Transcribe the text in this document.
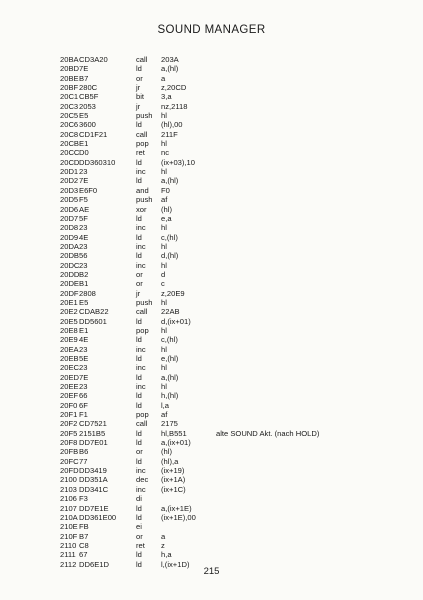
SOUND MANAGER
20BA CD3A20	call 203A
20BD 7E	ld	a,(hl)
20BE B7	or a
20BF 280C	jr	z,20CD
20C1 CB5F	bit 3,a
20C3 2053	jr	nz,2118
20C5 E5	push hl
20C6 3600	ld	(hl),00
20C8 CD1F21	call 211F
20CB E1	pop hl
20CC D0	ret nc
20CD DD360310	ld	(ix+03),10
20D1 23	inc hl
20D2 7E	ld	a,(hl)
20D3 E6F0	and F0
20D5 F5	push af
20D6 AE	xor (hl)
20D7 5F	ld	e,a
20D8 23	inc hl
20D9 4E	ld	c,(hl)
20DA 23	inc hl
20DB 56	ld	d,(hl)
20DC 23	inc hl
20DD B2	or d
20DE B1	or c
20DF 2808	jr	z,20E9
20E1 E5	push hl
20E2 CDAB22	call 22AB
20E5 DD5601	ld	d,(ix+01)
20E8 E1	pop hl
20E9 4E	ld	c,(hl)
20EA 23	inc hl
20EB 5E	ld	e,(hl)
20EC 23	inc hl
20ED 7E	ld	a,(hl)
20EE 23	inc hl
20EF 66	ld	h,(hl)
20F0 6F	ld	l,a
20F1 F1	pop af
20F2 CD7521	call 2175
20F5 2151B5	ld	hl,B551	alte SOUND Akt. (nach HOLD)
20F8 DD7E01	ld	a,(ix+01)
20FB B6	or (hl)
20FC 77	ld	(hl),a
20FD DD3419	inc (ix+19)
2100 DD351A	dec (ix+1A)
2103 DD341C	inc (ix+1C)
2106 F3	di
2107 DD7E1E	ld	a,(ix+1E)
210A DD361E00	ld	(ix+1E),00
210E FB	ei
210F B7	or a
2110 C8	ret z
2111 67	ld	h,a
2112 DD6E1D	ld	l,(ix+1D)
215
